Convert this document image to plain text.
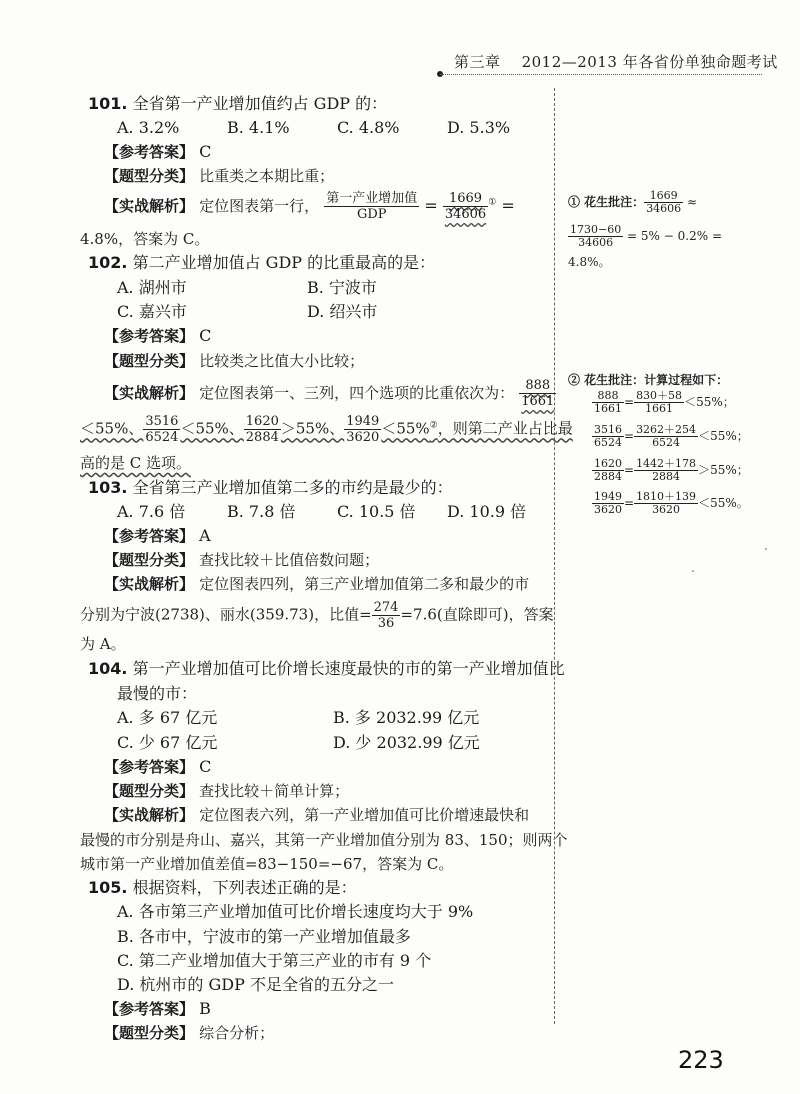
第三章 2012—2013 年各省份单独命题考试
101. 全省第一产业增加值约占 GDP 的：
A. 3.2%	B. 4.1%	C. 4.8%	D. 5.3%
【参考答案】 C
【题型分类】 比重类之本期比重；
【实战解析】 定位图表第一行， $\frac{\text{第一产业增加值}}{\text{GDP}} = \frac{1669}{34606} ^①$ =
4.8%，答案为 C。
102. 第二产业增加值占 GDP 的比重最高的是：
A. 湖州市	B. 宁波市
C. 嘉兴市	D. 绍兴市
【参考答案】 C
【题型分类】 比较类之比值大小比较；
【实战解析】 定位图表第一、三列，四个选项的比重依次为： $\frac{888}{1661}$
＜55%、 $\frac{3516}{6524} <55\%$、 $\frac{1620}{2884} >55\%$、 $\frac{1949}{3620} <55\%^②$，则第二产业占比最
高的是 C 选项。
103. 全省第三产业增加值第二多的市约是最少的：
A. 7.6 倍	B. 7.8 倍	C. 10.5 倍 D. 10.9 倍
【参考答案】 A
【题型分类】 查找比较＋比值倍数问题；
【实战解析】 定位图表四列，第三产业增加值第二多和最少的市
分别为宁波(2738)、丽水(359.73)，比值= $\frac{274}{36} =7.6$(直除即可)，答案
为 A。
104. 第一产业增加值可比价增长速度最快的市的第一产业增加值比
最慢的市：
A. 多 67 亿元	B. 多 2032.99 亿元
C. 少 67 亿元	D. 少 2032.99 亿元
【参考答案】 C
【题型分类】 查找比较＋简单计算；
【实战解析】 定位图表六列，第一产业增加值可比价增速最快和
最慢的市分别是舟山、嘉兴，其第一产业增加值分别为 83、150；则两个
城市第一产业增加值差值=83−150=−67，答案为 C。
105. 根据资料，下列表述正确的是：
A. 各市第三产业增加值可比价增长速度均大于 9%
B. 各市中，宁波市的第一产业增加值最多
C. 第二产业增加值大于第三产业的市有 9 个
D. 杭州市的 GDP 不足全省的五分之一
【参考答案】 B
【题型分类】 综合分析；
① 花生批注： $\frac{1669}{34606}$ ≈
$\frac{1730-60}{34606} = 5\% - 0.2\%$ =
4.8%。
② 花生批注：计算过程如下：
$\frac{888}{1661} = \frac{830+58}{1661} <55\%$；
$\frac{3516}{6524} = \frac{3262+254}{6524} <55\%$；
$\frac{1620}{2884} = \frac{1442+178}{2884} >55\%$；
$\frac{1949}{3620} = \frac{1810+139}{3620} <55\%$。
223
